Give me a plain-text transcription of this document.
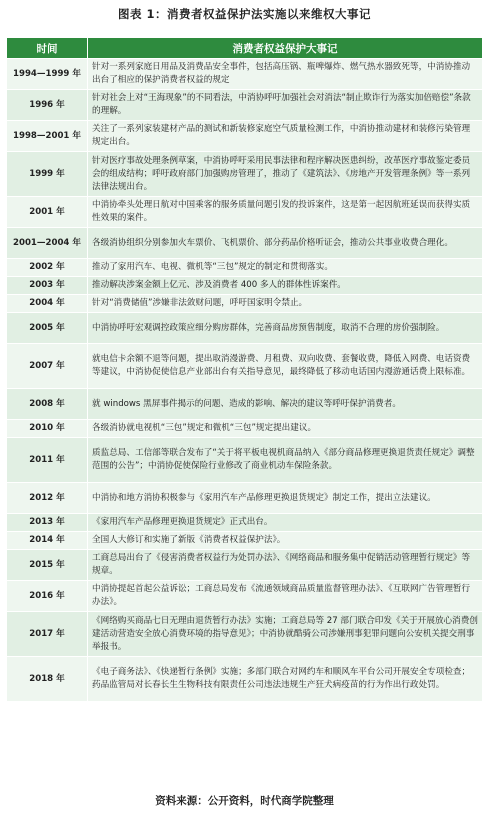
图表 1：消费者权益保护法实施以来维权大事记
时间	消费者权益保护大事记
1994—1999 年	针对一系列家庭日用品及消费品安全事件，包括高压锅、瓶啤爆炸、燃气热水器致死等，中消协推动出台了相应的保护消费者权益的规定
1996 年	针对社会上对“王海现象”的不同看法，中消协呼吁加强社会对消法“制止欺诈行为落实加倍赔偿”条款的理解。
1998—2001 年	关注了一系列家装建材产品的测试和新装修家庭空气质量检测工作，中消协推动建材和装修污染管理规定出台。
1999 年	针对医疗事故处理条例草案，中消协呼吁采用民事法律和程序解决医患纠纷，改革医疗事故鉴定委员会的组成结构；呼吁政府部门加强购房管理了，推动了《建筑法》、《房地产开发管理条例》等一系列法律法规出台。
2001 年	中消协牵头处理日航对中国乘客的服务质量问题引发的投诉案件，这是第一起因航班延误而获得实质性效果的案件。
2001—2004 年	各级消协组织分别参加火车票价、飞机票价、部分药品价格听证会，推动公共事业收费合理化。
2002 年	推动了家用汽车、电视、微机等“三包”规定的制定和贯彻落实。
2003 年	推动解决涉案金额上亿元、涉及消费者 400 多人的群体性诉案件。
2004 年	针对“消费储值”涉嫌非法敛财问题，呼吁国家明令禁止。
2005 年	中消协呼吁宏观调控政策应细分购房群体，完善商品房预售制度，取消不合理的房价强制险。
2007 年	就电信卡余额不退等问题，提出取消漫游费、月租费、双向收费、套餐收费，降低入网费、电话资费等建议，中消协促使信息产业部出台有关指导意见，最终降低了移动电话国内漫游通话费上限标准。
2008 年	就 windows 黑屏事件揭示的问题、造成的影响、解决的建议等呼吁保护消费者。
2010 年	各级消协就电视机“三包”规定和微机“三包”规定提出建议。
2011 年	质监总局、工信部等联合发布了“关于将平板电视机商品纳入《部分商品修理更换退货责任规定》调整范围的公告”；中消协促使保险行业修改了商业机动车保险条款。
2012 年	中消协和地方消协积极参与《家用汽车产品修理更换退货规定》制定工作，提出立法建议。
2013 年	《家用汽车产品修理更换退货规定》正式出台。
2014 年	全国人大修订和实施了新版《消费者权益保护法》。
2015 年	工商总局出台了《侵害消费者权益行为处罚办法》、《网络商品和服务集中促销活动管理暂行规定》等规章。
2016 年	中消协提起首起公益诉讼；工商总局发布《流通领域商品质量监督管理办法》、《互联网广告管理暂行办法》。
2017 年	《网络购买商品七日无理由退货暂行办法》实施；工商总局等 27 部门联合印发《关于开展放心消费创建活动营造安全放心消费环境的指导意见》；中消协就酷骑公司涉嫌刑事犯罪问题向公安机关提交刑事举报书。
2018 年	《电子商务法》、《快递暂行条例》实施；多部门联合对网约车和顺风车平台公司开展安全专项检查；药品监管局对长春长生生物科技有限责任公司违法违规生产狂犬病疫苗的行为作出行政处罚。
资料来源：公开资料，时代商学院整理
